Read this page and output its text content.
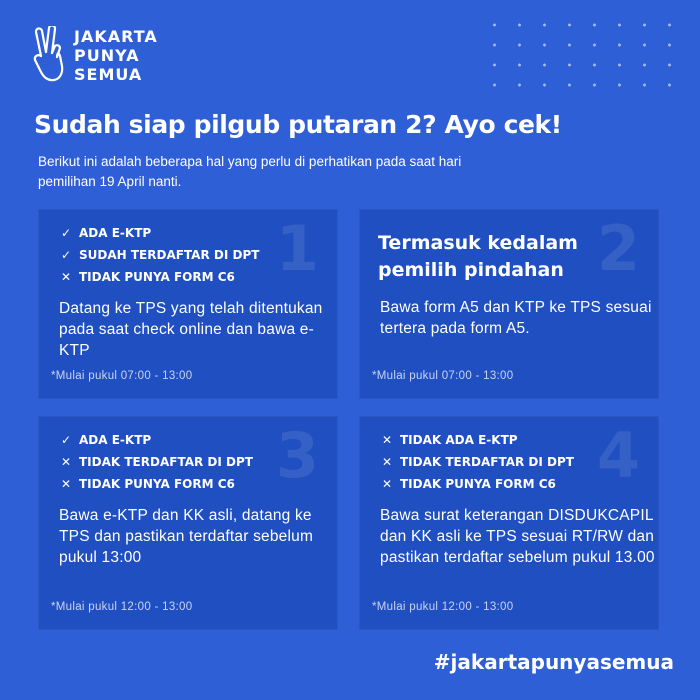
JAKARTA
PUNYA
SEMUA
Sudah siap pilgub putaran 2? Ayo cek!
Berikut ini adalah beberapa hal yang perlu di perhatikan pada saat hari pemilihan 19 April nanti.
1
✓ ADA E-KTP
✓ SUDAH TERDAFTAR DI DPT
✕ TIDAK PUNYA FORM C6
Datang ke TPS yang telah ditentukan pada saat check online dan bawa e-KTP
*Mulai pukul 07:00 - 13:00
2
Termasuk kedalam pemilih pindahan
Bawa form A5 dan KTP ke TPS sesuai tertera pada form A5.
*Mulai pukul 07:00 - 13:00
3
✓ ADA E-KTP
✕ TIDAK TERDAFTAR DI DPT
✕ TIDAK PUNYA FORM C6
Bawa e-KTP dan KK asli, datang ke TPS dan pastikan terdaftar sebelum pukul 13:00
*Mulai pukul 12:00 - 13:00
4
✕ TIDAK ADA E-KTP
✕ TIDAK TERDAFTAR DI DPT
✕ TIDAK PUNYA FORM C6
Bawa surat keterangan DISDUKCAPIL dan KK asli ke TPS sesuai RT/RW dan pastikan terdaftar sebelum pukul 13.00
*Mulai pukul 12:00 - 13:00
#jakartapunyasemua
